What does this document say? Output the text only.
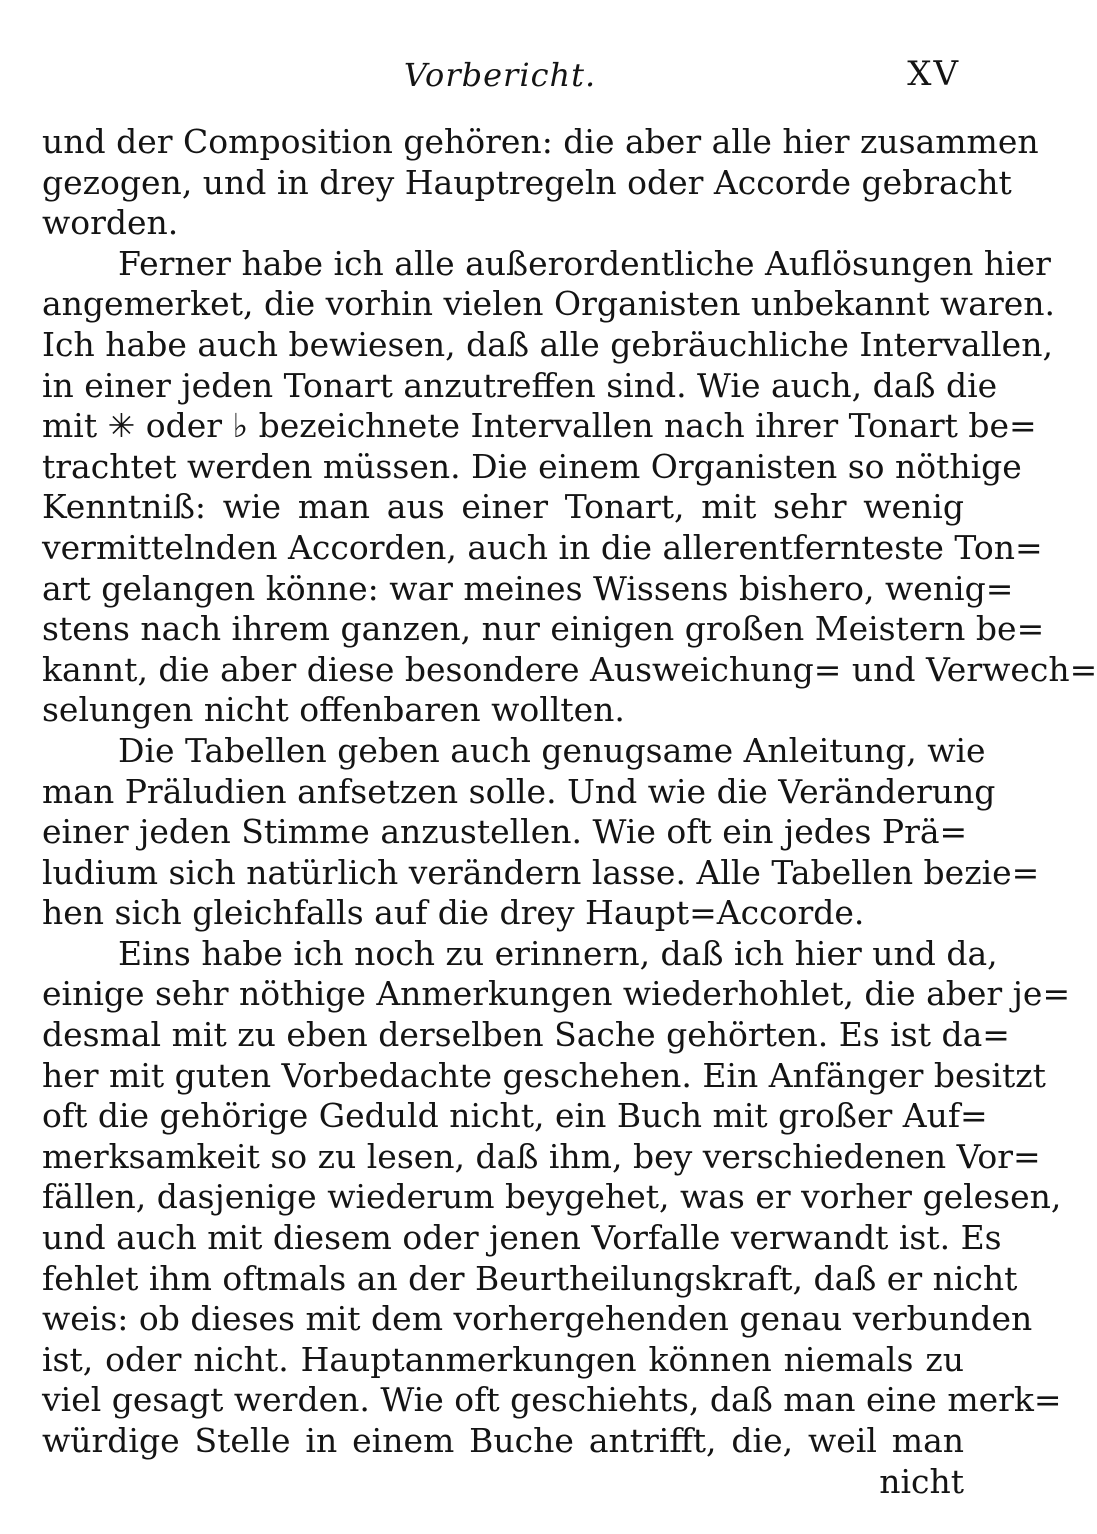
Vorbericht.	XV
und der Composition gehören: die aber alle hier zusammen
gezogen, und in drey Hauptregeln oder Accorde gebracht
worden.
Ferner habe ich alle außerordentliche Auflösungen hier
angemerket, die vorhin vielen Organisten unbekannt waren.
Ich habe auch bewiesen, daß alle gebräuchliche Intervallen,
in einer jeden Tonart anzutreffen sind. Wie auch, daß die
mit ✳ oder ♭ bezeichnete Intervallen nach ihrer Tonart be=
trachtet werden müssen. Die einem Organisten so nöthige
Kenntniß: wie man aus einer Tonart, mit sehr wenig
vermittelnden Accorden, auch in die allerentfernteste Ton=
art gelangen könne: war meines Wissens bishero, wenig=
stens nach ihrem ganzen, nur einigen großen Meistern be=
kannt, die aber diese besondere Ausweichung= und Verwech=
selungen nicht offenbaren wollten.
Die Tabellen geben auch genugsame Anleitung, wie
man Präludien anfsetzen solle. Und wie die Veränderung
einer jeden Stimme anzustellen. Wie oft ein jedes Prä=
ludium sich natürlich verändern lasse. Alle Tabellen bezie=
hen sich gleichfalls auf die drey Haupt=Accorde.
Eins habe ich noch zu erinnern, daß ich hier und da,
einige sehr nöthige Anmerkungen wiederhohlet, die aber je=
desmal mit zu eben derselben Sache gehörten. Es ist da=
her mit guten Vorbedachte geschehen. Ein Anfänger besitzt
oft die gehörige Geduld nicht, ein Buch mit großer Auf=
merksamkeit so zu lesen, daß ihm, bey verschiedenen Vor=
fällen, dasjenige wiederum beygehet, was er vorher gelesen,
und auch mit diesem oder jenen Vorfalle verwandt ist. Es
fehlet ihm oftmals an der Beurtheilungskraft, daß er nicht
weis: ob dieses mit dem vorhergehenden genau verbunden
ist, oder nicht. Hauptanmerkungen können niemals zu
viel gesagt werden. Wie oft geschiehts, daß man eine merk=
würdige Stelle in einem Buche antrifft, die, weil man
nicht
